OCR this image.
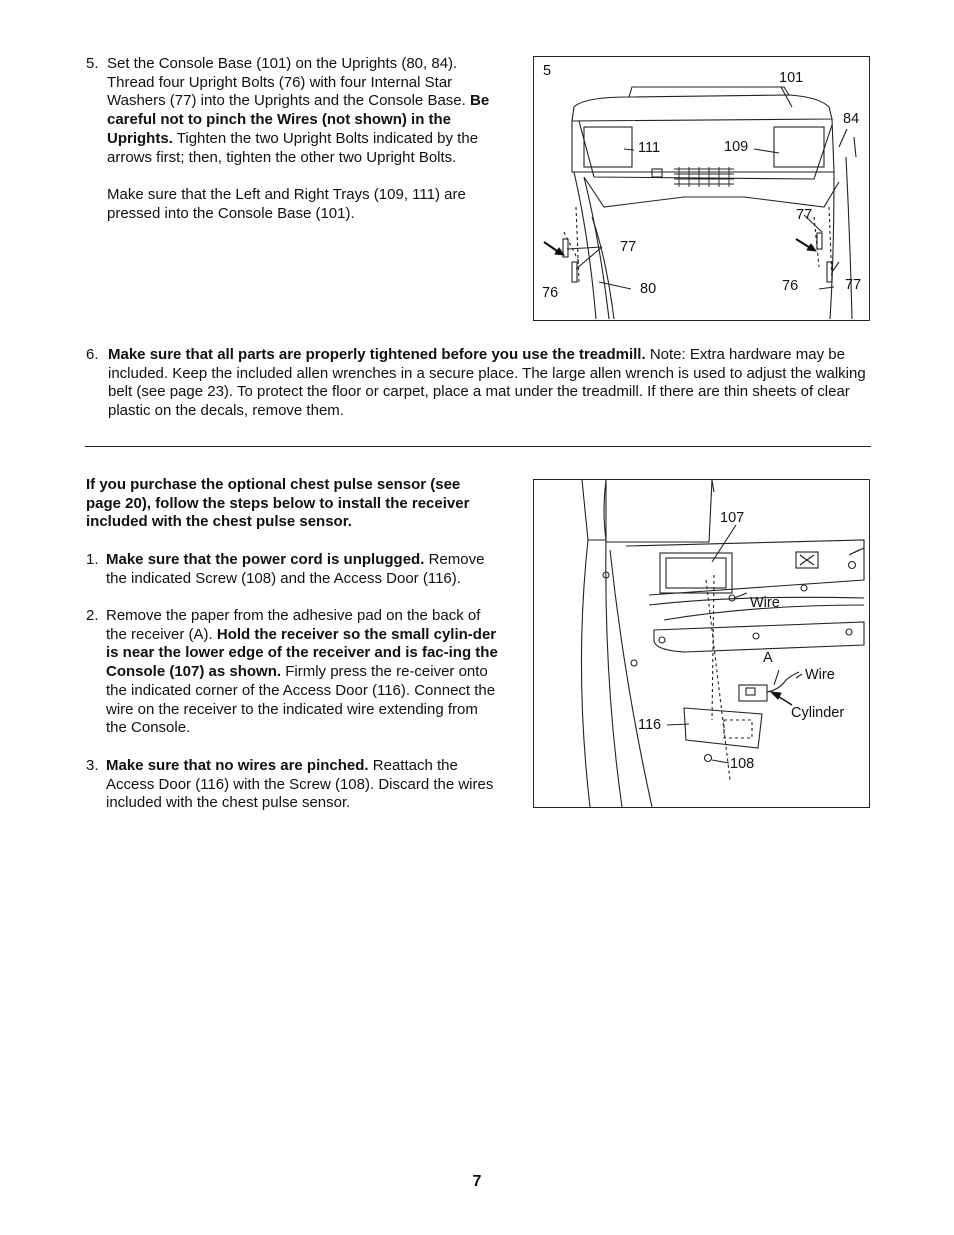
5. Set the Console Base (101) on the Uprights (80, 84). Thread four Upright Bolts (76) with four Internal Star Washers (77) into the Uprights and the Console Base. Be careful not to pinch the Wires (not shown) in the Uprights. Tighten the two Upright Bolts indicated by the arrows first; then, tighten the other two Upright Bolts.
Make sure that the Left and Right Trays (109, 111) are pressed into the Console Base (101).
5	101
84
111	109
77
77
76	80	76	77
6. Make sure that all parts are properly tightened before you use the treadmill. Note: Extra hardware may be included. Keep the included allen wrenches in a secure place. The large allen wrench is used to adjust the walking belt (see page 23). To protect the floor or carpet, place a mat under the treadmill. If there are thin sheets of clear plastic on the decals, remove them.
If you purchase the optional chest pulse sensor (see page 20), follow the steps below to install the receiver included with the chest pulse sensor.
1. Make sure that the power cord is unplugged. Remove the indicated Screw (108) and the Access Door (116).
2. Remove the paper from the adhesive pad on the back of the receiver (A). Hold the receiver so the small cylin-der is near the lower edge of the receiver and is fac-ing the Console (107) as shown. Firmly press the re-ceiver onto the indicated corner of the Access Door (116). Connect the wire on the receiver to the indicated wire extending from the Console.
3. Make sure that no wires are pinched. Reattach the Access Door (116) with the Screw (108). Discard the wires included with the chest pulse sensor.
107
Wire
A
Wire
Cylinder
116
108
7
